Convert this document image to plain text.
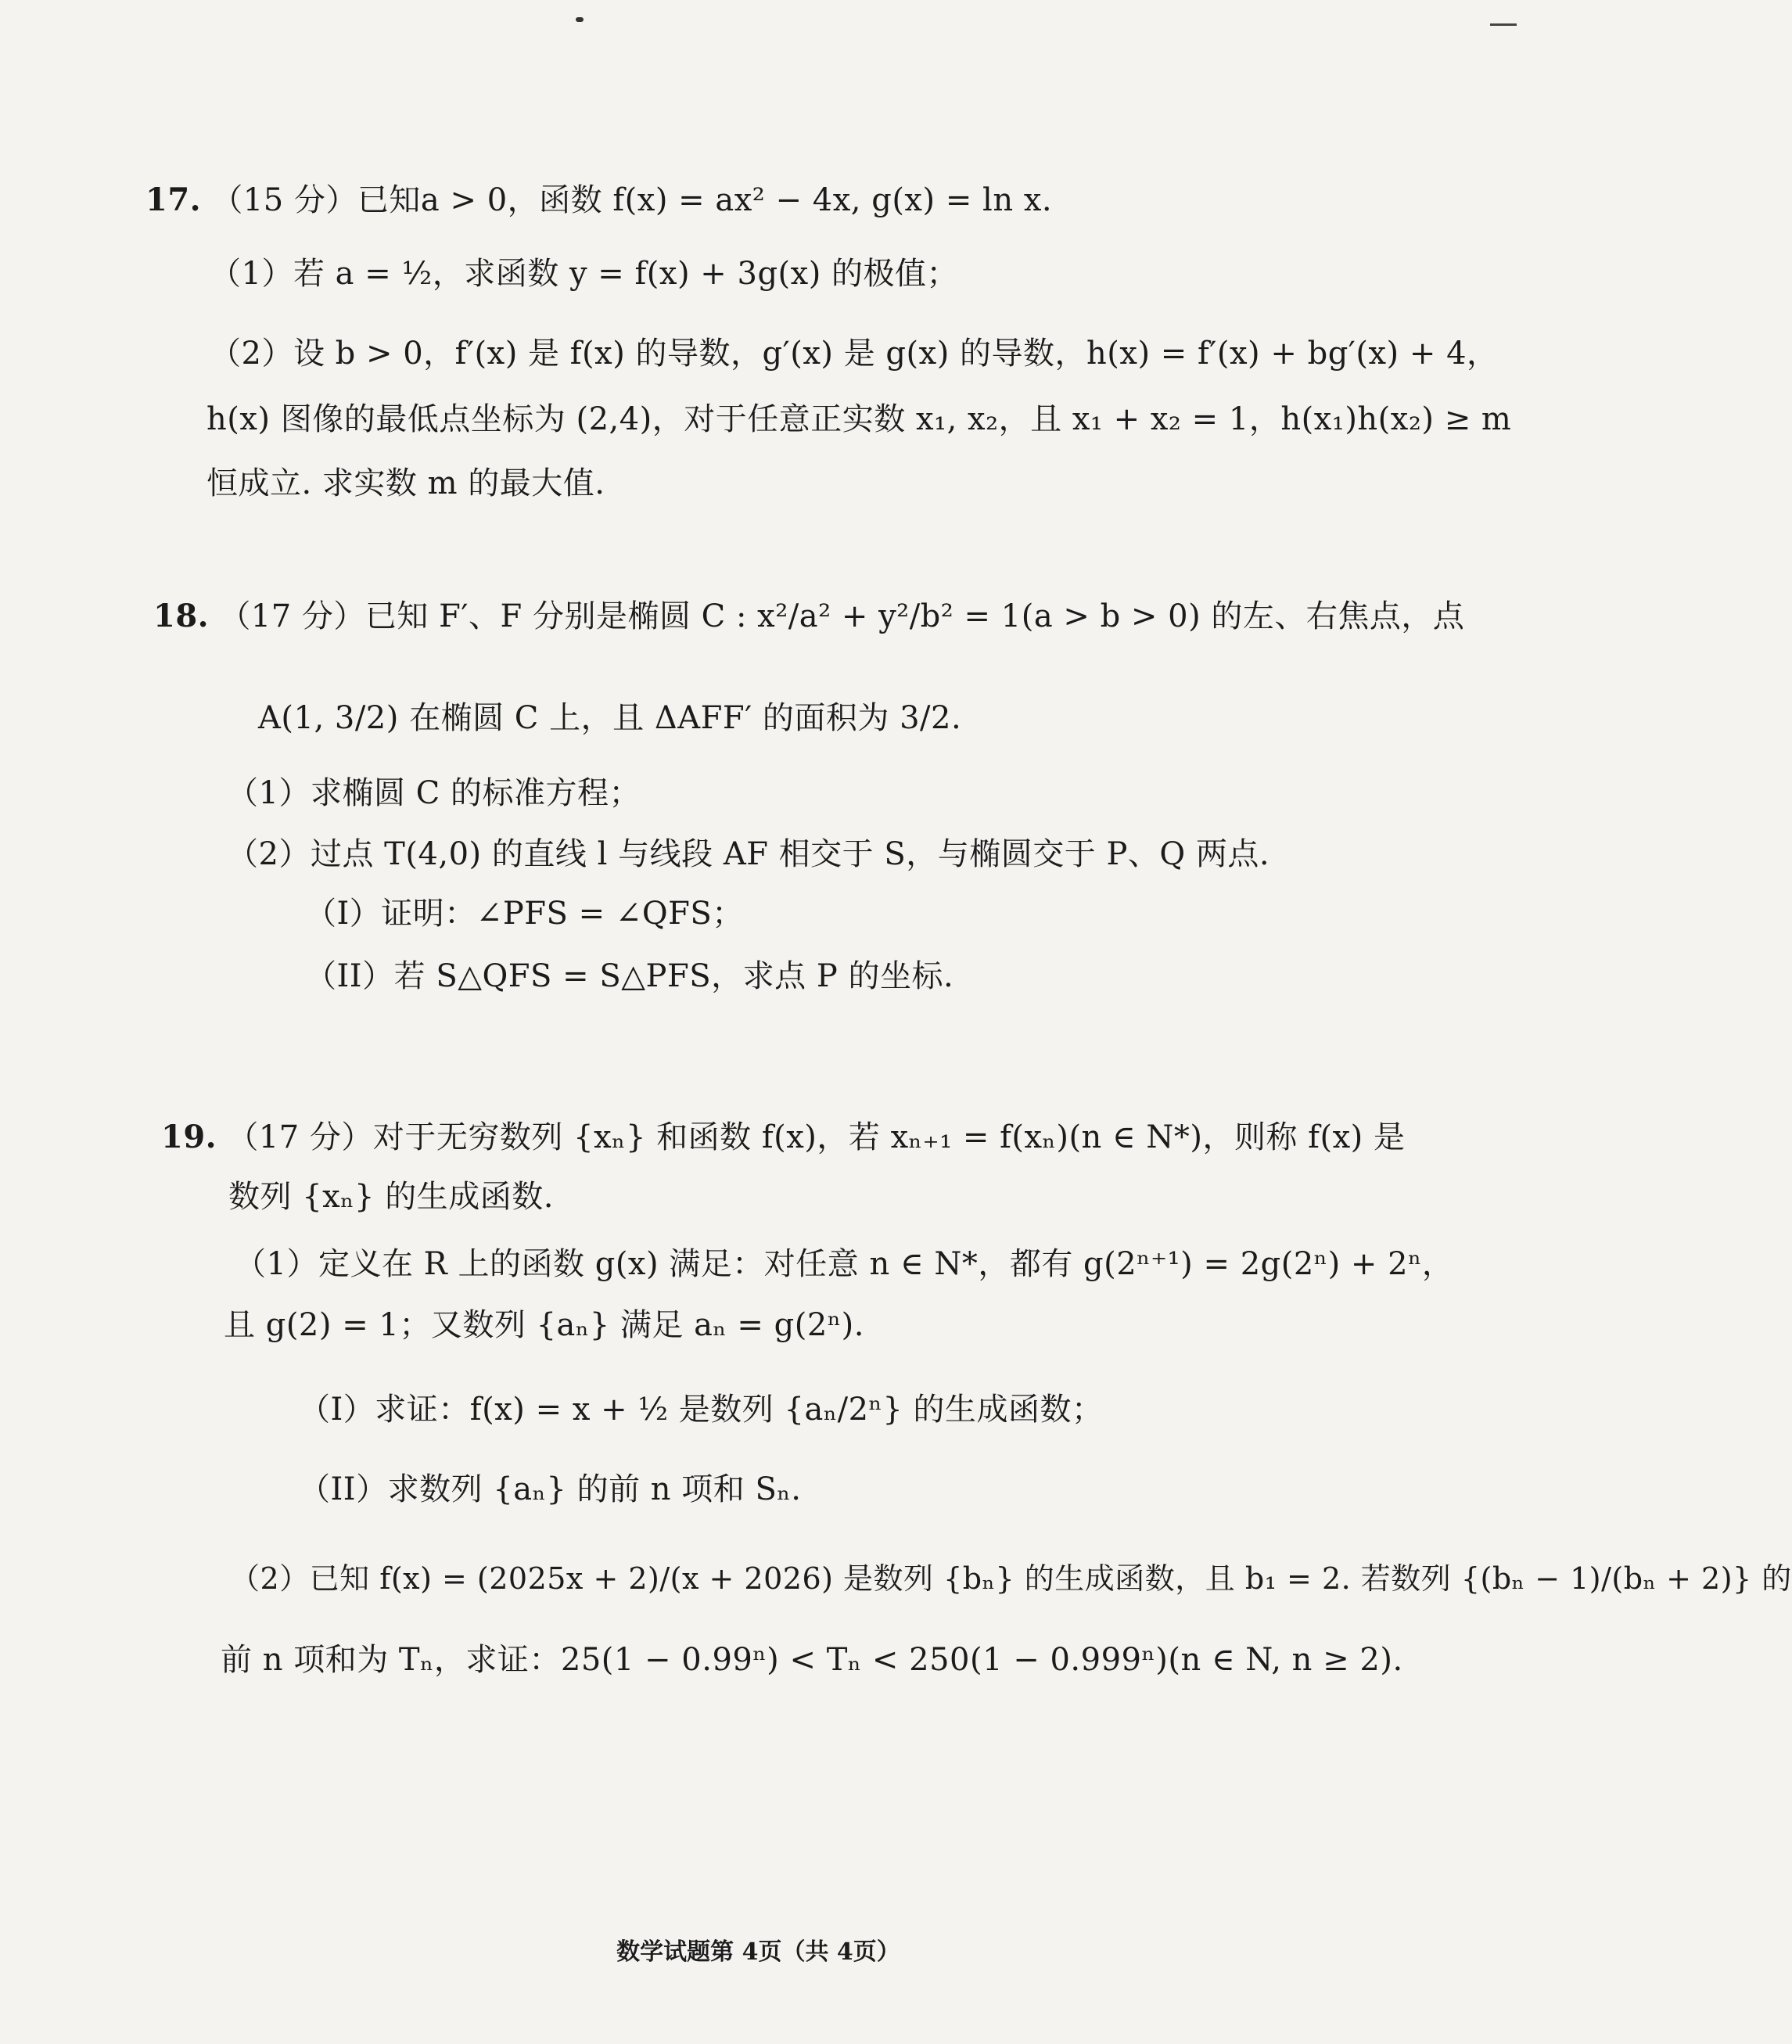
17. （15 分）已知a > 0，函数 f(x) = ax² − 4x, g(x) = ln x.
（1）若 a = ½，求函数 y = f(x) + 3g(x) 的极值；
（2）设 b > 0，f′(x) 是 f(x) 的导数，g′(x) 是 g(x) 的导数，h(x) = f′(x) + bg′(x) + 4，
h(x) 图像的最低点坐标为 (2,4)，对于任意正实数 x₁, x₂，且 x₁ + x₂ = 1，h(x₁)h(x₂) ≥ m
恒成立. 求实数 m 的最大值.
18. （17 分）已知 F′、F 分别是椭圆 C : x²/a² + y²/b² = 1(a > b > 0) 的左、右焦点，点
A(1, 3/2) 在椭圆 C 上，且 ΔAFF′ 的面积为 3/2.
（1）求椭圆 C 的标准方程；
（2）过点 T(4,0) 的直线 l 与线段 AF 相交于 S，与椭圆交于 P、Q 两点.
（I）证明：∠PFS = ∠QFS；
（II）若 S△QFS = S△PFS，求点 P 的坐标.
19. （17 分）对于无穷数列 {xₙ} 和函数 f(x)，若 xₙ₊₁ = f(xₙ)(n ∈ N*)，则称 f(x) 是
数列 {xₙ} 的生成函数.
（1）定义在 R 上的函数 g(x) 满足：对任意 n ∈ N*，都有 g(2ⁿ⁺¹) = 2g(2ⁿ) + 2ⁿ，
且 g(2) = 1；又数列 {aₙ} 满足 aₙ = g(2ⁿ).
（I）求证：f(x) = x + ½ 是数列 {aₙ/2ⁿ} 的生成函数；
（II）求数列 {aₙ} 的前 n 项和 Sₙ.
（2）已知 f(x) = (2025x + 2)/(x + 2026) 是数列 {bₙ} 的生成函数，且 b₁ = 2. 若数列 {(bₙ − 1)/(bₙ + 2)} 的
前 n 项和为 Tₙ，求证：25(1 − 0.99ⁿ) < Tₙ < 250(1 − 0.999ⁿ)(n ∈ N, n ≥ 2).
数学试题第 4页（共 4页）
